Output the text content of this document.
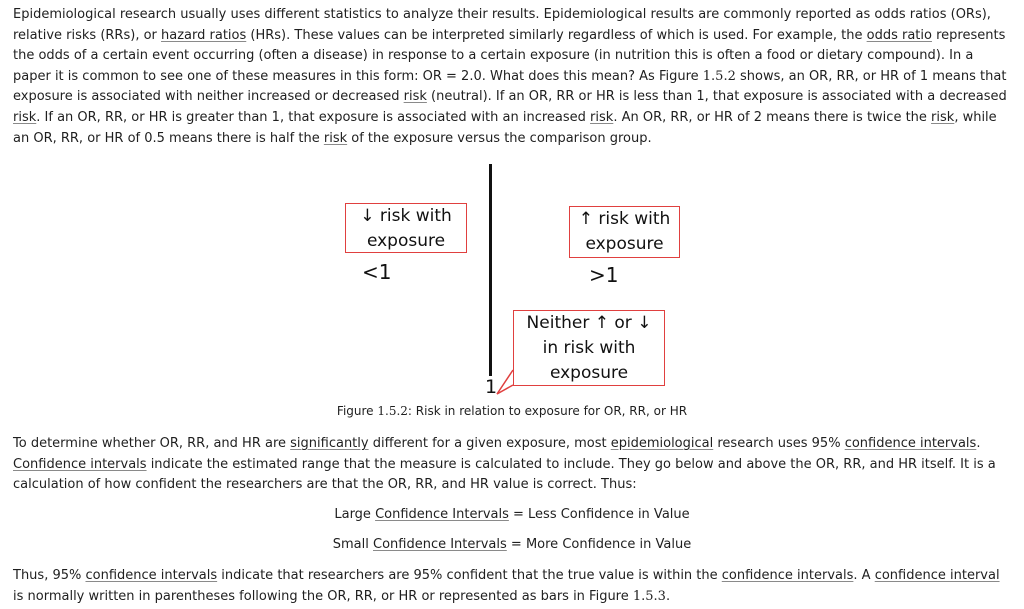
Epidemiological research usually uses different statistics to analyze their results. Epidemiological results are commonly reported as odds ratios (ORs), relative risks (RRs), or hazard ratios (HRs). These values can be interpreted similarly regardless of which is used. For example, the odds ratio represents the odds of a certain event occurring (often a disease) in response to a certain exposure (in nutrition this is often a food or dietary compound). In a paper it is common to see one of these measures in this form: OR = 2.0. What does this mean? As Figure 1.5.2 shows, an OR, RR, or HR of 1 means that exposure is associated with neither increased or decreased risk (neutral). If an OR, RR or HR is less than 1, that exposure is associated with a decreased risk. If an OR, RR, or HR is greater than 1, that exposure is associated with an increased risk. An OR, RR, or HR of 2 means there is twice the risk, while an OR, RR, or HR of 0.5 means there is half the risk of the exposure versus the comparison group.
↓ risk with
exposure
<1
↑ risk with
exposure
>1
Neither ↑ or ↓
in risk with
exposure
1
Figure 1.5.2: Risk in relation to exposure for OR, RR, or HR
To determine whether OR, RR, and HR are significantly different for a given exposure, most epidemiological research uses 95% confidence intervals. Confidence intervals indicate the estimated range that the measure is calculated to include. They go below and above the OR, RR, and HR itself. It is a calculation of how confident the researchers are that the OR, RR, and HR value is correct. Thus:
Large Confidence Intervals = Less Confidence in Value
Small Confidence Intervals = More Confidence in Value
Thus, 95% confidence intervals indicate that researchers are 95% confident that the true value is within the confidence intervals. A confidence interval is normally written in parentheses following the OR, RR, or HR or represented as bars in Figure 1.5.3.
